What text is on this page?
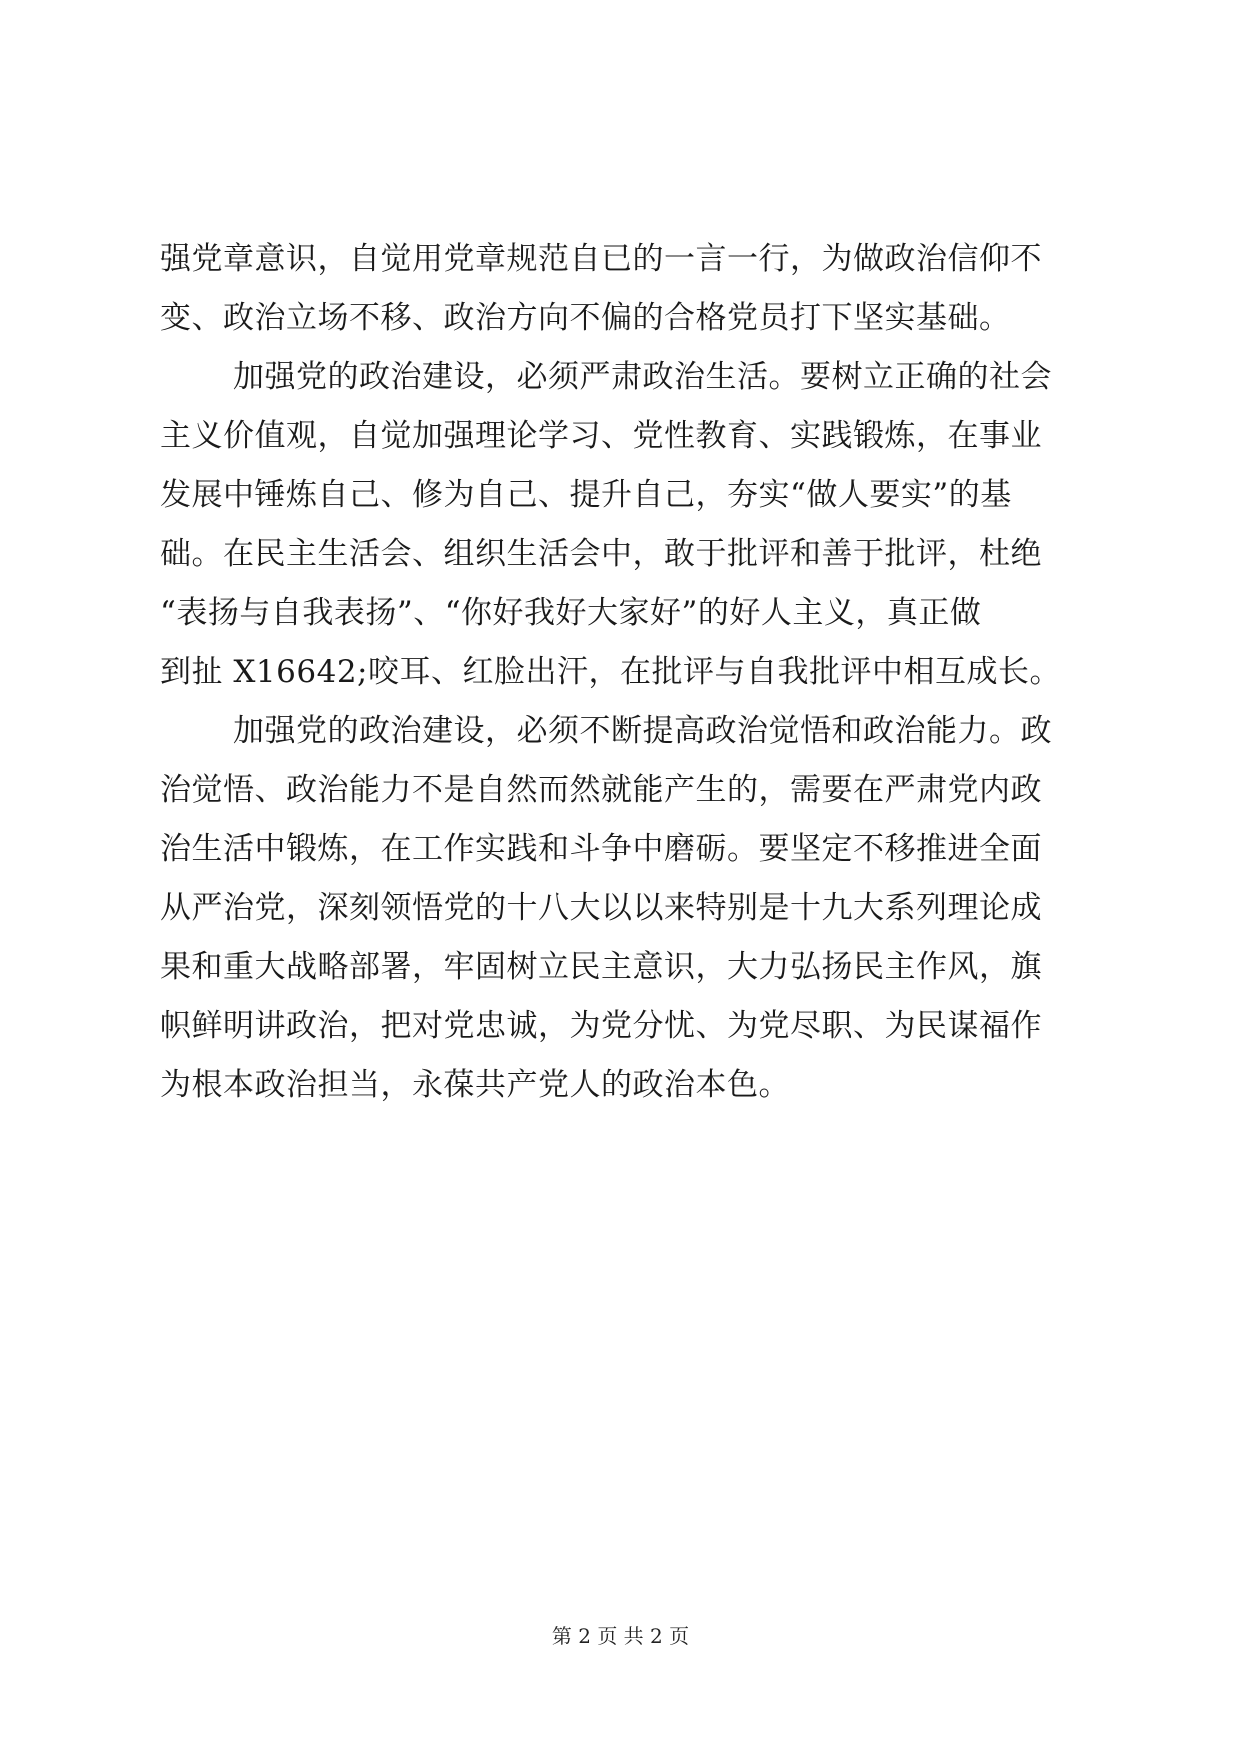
强党章意识，自觉用党章规范自已的一言一行，为做政治信仰不
变、政治立场不移、政治方向不偏的合格党员打下坚实基础。
加强党的政治建设，必须严肃政治生活。要树立正确的社会
主义价值观，自觉加强理论学习、党性教育、实践锻炼，在事业
发展中锤炼自己、修为自己、提升自己，夯实“做人要实”的基
础。在民主生活会、组织生活会中，敢于批评和善于批评，杜绝
“表扬与自我表扬”、“你好我好大家好”的好人主义，真正做
到扯 X16642;咬耳、红脸出汗，在批评与自我批评中相互成长。
加强党的政治建设，必须不断提高政治觉悟和政治能力。政
治觉悟、政治能力不是自然而然就能产生的，需要在严肃党内政
治生活中锻炼，在工作实践和斗争中磨砺。要坚定不移推进全面
从严治党，深刻领悟党的十八大以以来特别是十九大系列理论成
果和重大战略部署，牢固树立民主意识，大力弘扬民主作风，旗
帜鲜明讲政治，把对党忠诚，为党分忧、为党尽职、为民谋福作
为根本政治担当，永葆共产党人的政治本色。
第 2 页 共 2 页
